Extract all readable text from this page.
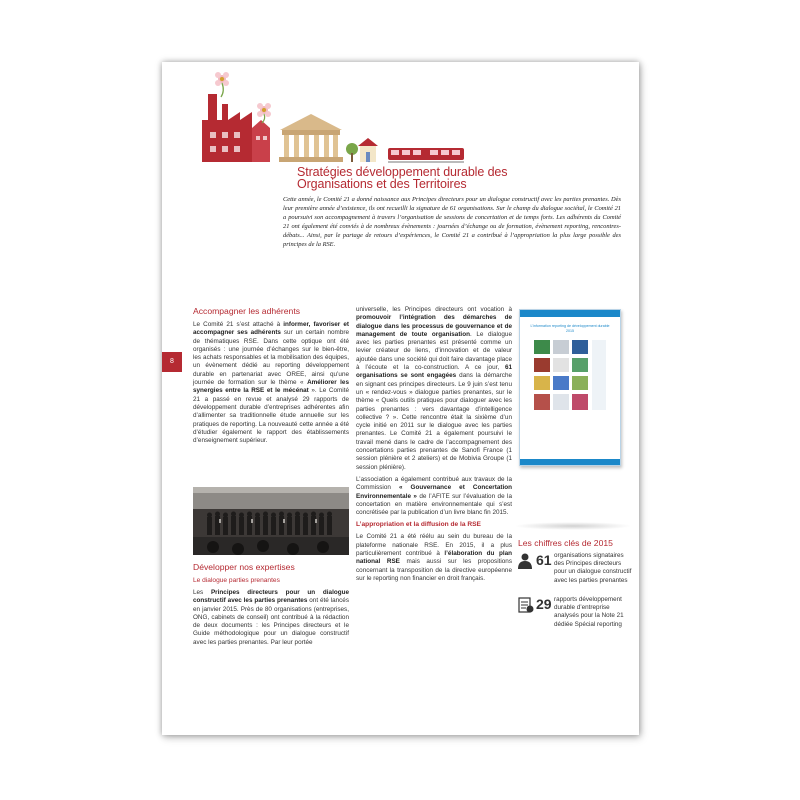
Stratégies développement durable des
Organisations et des Territoires
Cette année, le Comité 21 a donné naissance aux Principes directeurs pour un dialogue constructif avec les parties prenantes. Dès leur première année d’existence, ils ont recueilli la signature de 61 organisations. Sur le champ du dialogue sociétal, le Comité 21 a poursuivi son accompagnement à travers l’organisation de sessions de concertation et de temps forts. Les adhérents du Comité 21 ont également été conviés à de nombreux évènements : journées d’échange ou de formation, évènement reporting, rencontres-débats... Ainsi, par le partage de retours d’expériences, le Comité 21 a contribué à l’appropriation la plus large possible des principes de la RSE.
8
Accompagner les adhérents

Le Comité 21 s’est attaché à informer, favoriser et accompagner ses adhérents sur un certain nombre de thématiques RSE. Dans cette optique ont été organisés : une journée d’échanges sur le bien-être, les achats responsables et la mobilisation des équipes, un évènement dédié au reporting développement durable en partenariat avec OREE, ainsi qu’une journée de formation sur le thème « Améliorer les synergies entre la RSE et le mécénat ». Le Comité 21 a passé en revue et analysé 29 rapports de développement durable d’entreprises adhérentes afin d’allimenter sa traditionnelle étude annuelle sur les pratiques de reporting. La nouveauté cette année a été d’étudier également le rapport des établissements d’enseignement supérieur.

Développer nos expertises
Le dialogue parties prenantes

Les Principes directeurs pour un dialogue constructif avec les parties prenantes ont été lancés en janvier 2015. Près de 80 organisations (entreprises, ONG, cabinets de conseil) ont contribué à la rédaction de deux documents : les Principes directeurs et le Guide méthodologique pour un dialogue constructif avec les parties prenantes. Par leur portée

universelle, les Principes directeurs ont vocation à promouvoir l’intégration des démarches de dialogue dans les processus de gouvernance et de management de toute organisation. Le dialogue avec les parties prenantes est présenté comme un levier créateur de liens, d’innovation et de valeur ajoutée dans une société qui doit faire davantage place à l’écoute et la co-construction. A ce jour, 61 organisations se sont engagées dans la démarche en signant ces principes directeurs. Le 9 juin s’est tenu un « rendez-vous » dialogue parties prenantes, sur le thème « Quels outils pratiques pour dialoguer avec les parties prenantes : vers davantage d’intelligence collective ? ». Cette rencontre était la sixième d’un cycle initié en 2011 sur le dialogue avec les parties prenantes. Le Comité 21 a également poursuivi le travail mené dans le cadre de l’accompagnement des concertations parties prenantes de Sanofi France (1 session plénière et 2 ateliers) et de Mobivia Groupe (1 session plénière).

L’association a également contribué aux travaux de la Commission « Gouvernance et Concertation Environnementale » de l’AFITE sur l’évaluation de la concertation en matière environnementale qui s’est concrétisée par la publication d’un livre blanc fin 2015.

L’appropriation et la diffusion de la RSE

Le Comité 21 a été réélu au sein du bureau de la plateforme nationale RSE. En 2015, il a plus particulièrement contribué à l’élaboration du plan national RSE mais aussi sur les propositions concernant la transposition de la directive européenne sur le reporting non financier en droit français.

L’information reporting de développement durable 2015
Les chiffres clés de 2015
61 organisations signataires des Principes directeurs pour un dialogue constructif avec les parties prenantes
29 rapports développement durable d’entreprise analysés pour la Note 21 dédiée Spécial reporting
